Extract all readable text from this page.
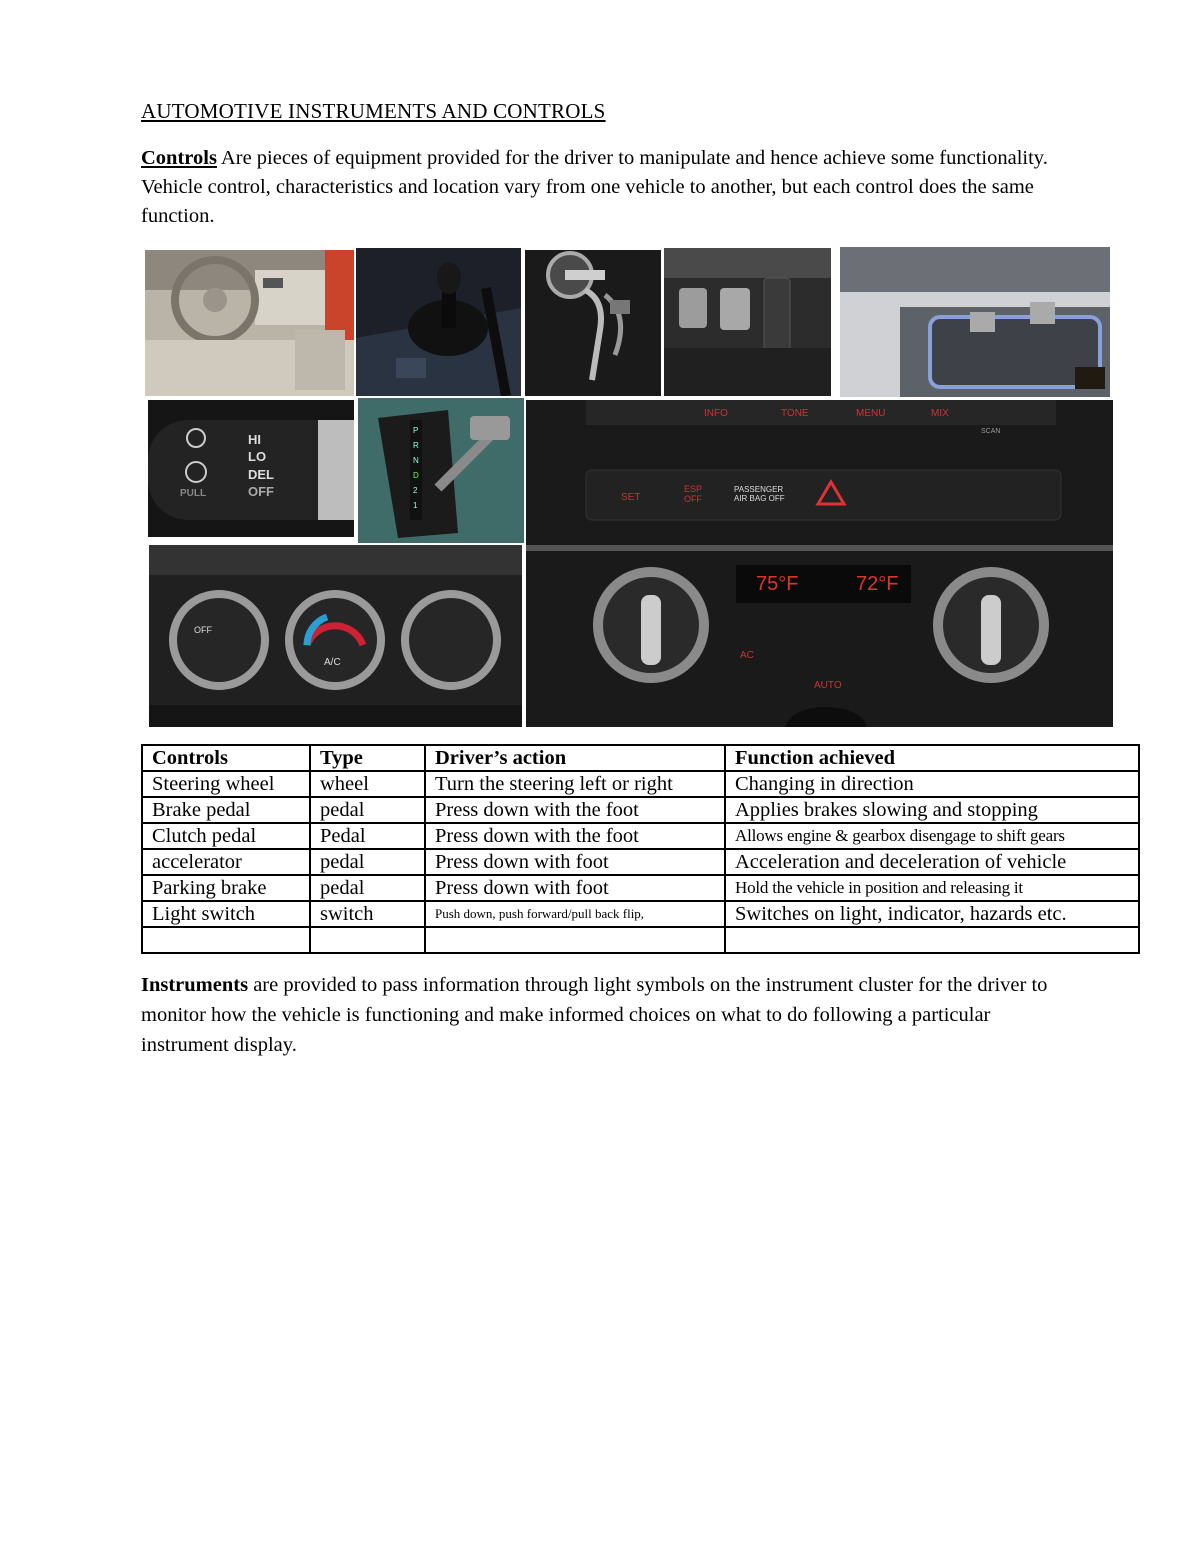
AUTOMOTIVE INSTRUMENTS AND CONTROLS
Controls Are pieces of equipment provided for the driver to manipulate and hence achieve some functionality. Vehicle control, characteristics and location vary from one vehicle to another, but each control does the same function.
HI
LO
DEL
OFF
PULL
P
R
N
D
2
1
OFF
A/C
INFO	TONE	MENU	MIX
SCAN
SET
ESP
OFF
PASSENGER
AIR BAG OFF
75°F	72°F
AC
AUTO
Controls	Type	Driver’s action	Function achieved
Steering wheel	wheel	Turn the steering left or right	Changing in direction
Brake pedal	pedal	Press down with the foot	Applies brakes slowing and stopping
Clutch pedal	Pedal	Press down with the foot	Allows engine & gearbox disengage to shift gears
accelerator	pedal	Press down with foot	Acceleration and deceleration of vehicle
Parking brake	pedal	Press down with foot	Hold the vehicle in position and releasing it
Light switch	switch	Push down, push forward/pull back flip,	Switches on light, indicator, hazards etc.

Instruments are provided to pass information through light symbols on the instrument cluster for the driver to monitor how the vehicle is functioning and make informed choices on what to do following a particular instrument display.
